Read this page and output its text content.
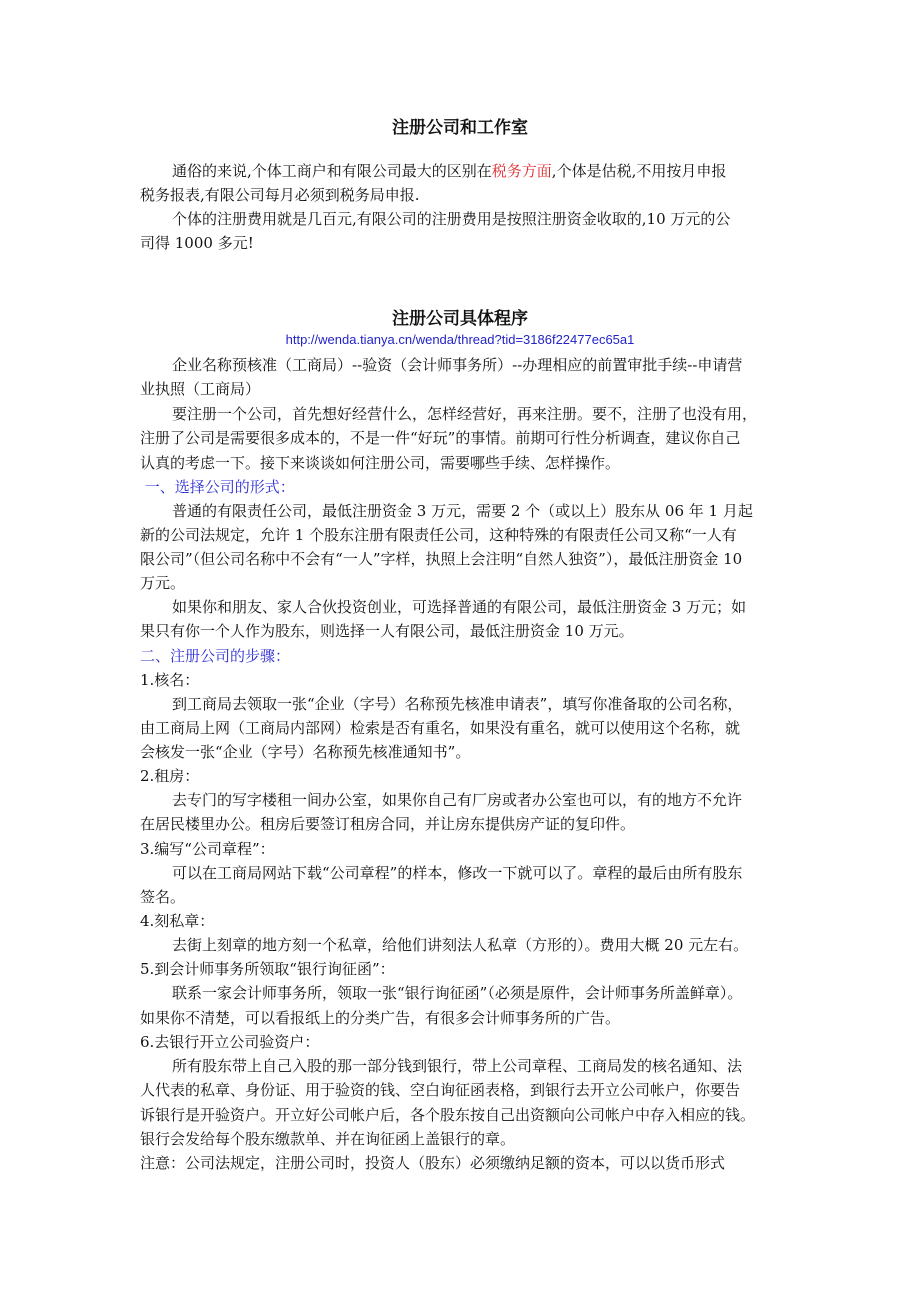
注册公司和工作室
通俗的来说,个体工商户和有限公司最大的区别在税务方面,个体是估税,不用按月申报
税务报表,有限公司每月必须到税务局申报.
个体的注册费用就是几百元,有限公司的注册费用是按照注册资金收取的,10 万元的公
司得 1000 多元!
注册公司具体程序
http://wenda.tianya.cn/wenda/thread?tid=3186f22477ec65a1
企业名称预核准（工商局）--验资（会计师事务所）--办理相应的前置审批手续--申请营
业执照（工商局）
要注册一个公司，首先想好经营什么，怎样经营好，再来注册。要不，注册了也没有用，
注册了公司是需要很多成本的，不是一件“好玩”的事情。前期可行性分析调查，建议你自己
认真的考虑一下。接下来谈谈如何注册公司，需要哪些手续、怎样操作。
一、选择公司的形式：
普通的有限责任公司，最低注册资金 3 万元，需要 2 个（或以上）股东从 06 年 1 月起
新的公司法规定，允许 1 个股东注册有限责任公司，这种特殊的有限责任公司又称“一人有
限公司”（但公司名称中不会有“一人”字样，执照上会注明“自然人独资”），最低注册资金 10
万元。
如果你和朋友、家人合伙投资创业，可选择普通的有限公司，最低注册资金 3 万元；如
果只有你一个人作为股东，则选择一人有限公司，最低注册资金 10 万元。
二、注册公司的步骤：
1.核名：
到工商局去领取一张“企业（字号）名称预先核准申请表”，填写你准备取的公司名称，
由工商局上网（工商局内部网）检索是否有重名，如果没有重名，就可以使用这个名称，就
会核发一张“企业（字号）名称预先核准通知书”。
2.租房：
去专门的写字楼租一间办公室，如果你自己有厂房或者办公室也可以，有的地方不允许
在居民楼里办公。租房后要签订租房合同，并让房东提供房产证的复印件。
3.编写“公司章程”：
可以在工商局网站下载“公司章程”的样本，修改一下就可以了。章程的最后由所有股东
签名。
4.刻私章：
去街上刻章的地方刻一个私章，给他们讲刻法人私章（方形的）。费用大概 20 元左右。
5.到会计师事务所领取“银行询征函”：
联系一家会计师事务所，领取一张“银行询征函”（必须是原件，会计师事务所盖鲜章）。
如果你不清楚，可以看报纸上的分类广告，有很多会计师事务所的广告。
6.去银行开立公司验资户：
所有股东带上自己入股的那一部分钱到银行，带上公司章程、工商局发的核名通知、法
人代表的私章、身份证、用于验资的钱、空白询征函表格，到银行去开立公司帐户，你要告
诉银行是开验资户。开立好公司帐户后，各个股东按自己出资额向公司帐户中存入相应的钱。
银行会发给每个股东缴款单、并在询征函上盖银行的章。
注意：公司法规定，注册公司时，投资人（股东）必须缴纳足额的资本，可以以货币形式
